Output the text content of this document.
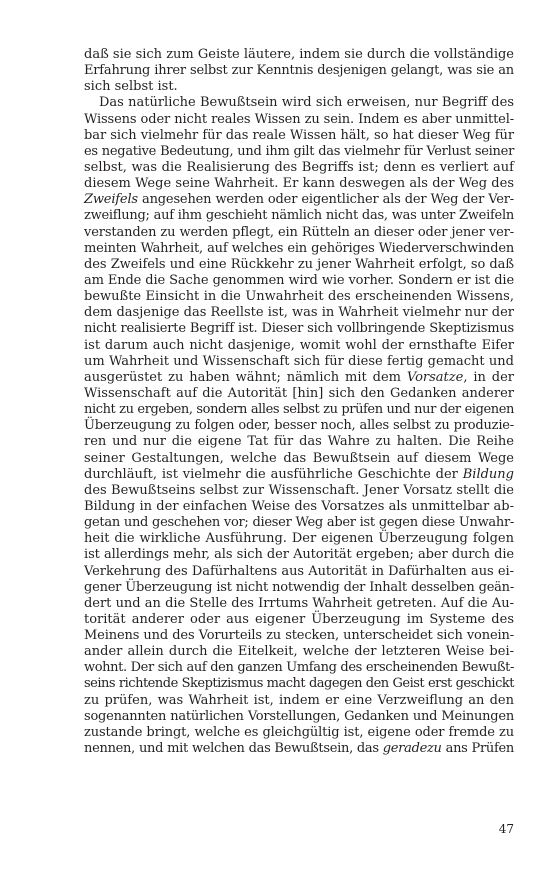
daß sie sich zum Geiste läutere, indem sie durch die vollständige
Erfahrung ihrer selbst zur Kenntnis desjenigen gelangt, was sie an
sich selbst ist.
Das natürliche Bewußtsein wird sich erweisen, nur Begriff des
Wissens oder nicht reales Wissen zu sein. Indem es aber unmittel-
bar sich vielmehr für das reale Wissen hält, so hat dieser Weg für
es negative Bedeutung, und ihm gilt das vielmehr für Verlust seiner
selbst, was die Realisierung des Begriffs ist; denn es verliert auf
diesem Wege seine Wahrheit. Er kann deswegen als der Weg des
Zweifels angesehen werden oder eigentlicher als der Weg der Ver-
zweiflung; auf ihm geschieht nämlich nicht das, was unter Zweifeln
verstanden zu werden pflegt, ein Rütteln an dieser oder jener ver-
meinten Wahrheit, auf welches ein gehöriges Wiederverschwinden
des Zweifels und eine Rückkehr zu jener Wahrheit erfolgt, so daß
am Ende die Sache genommen wird wie vorher. Sondern er ist die
bewußte Einsicht in die Unwahrheit des erscheinenden Wissens,
dem dasjenige das Reellste ist, was in Wahrheit vielmehr nur der
nicht realisierte Begriff ist. Dieser sich vollbringende Skeptizismus
ist darum auch nicht dasjenige, womit wohl der ernsthafte Eifer
um Wahrheit und Wissenschaft sich für diese fertig gemacht und
ausgerüstet zu haben wähnt; nämlich mit dem Vorsatze, in der
Wissenschaft auf die Autorität [hin] sich den Gedanken anderer
nicht zu ergeben, sondern alles selbst zu prüfen und nur der eigenen
Überzeugung zu folgen oder, besser noch, alles selbst zu produzie-
ren und nur die eigene Tat für das Wahre zu halten. Die Reihe
seiner Gestaltungen, welche das Bewußtsein auf diesem Wege
durchläuft, ist vielmehr die ausführliche Geschichte der Bildung
des Bewußtseins selbst zur Wissenschaft. Jener Vorsatz stellt die
Bildung in der einfachen Weise des Vorsatzes als unmittelbar ab-
getan und geschehen vor; dieser Weg aber ist gegen diese Unwahr-
heit die wirkliche Ausführung. Der eigenen Überzeugung folgen
ist allerdings mehr, als sich der Autorität ergeben; aber durch die
Verkehrung des Dafürhaltens aus Autorität in Dafürhalten aus ei-
gener Überzeugung ist nicht notwendig der Inhalt desselben geän-
dert und an die Stelle des Irrtums Wahrheit getreten. Auf die Au-
torität anderer oder aus eigener Überzeugung im Systeme des
Meinens und des Vorurteils zu stecken, unterscheidet sich vonein-
ander allein durch die Eitelkeit, welche der letzteren Weise bei-
wohnt. Der sich auf den ganzen Umfang des erscheinenden Bewußt-
seins richtende Skeptizismus macht dagegen den Geist erst geschickt
zu prüfen, was Wahrheit ist, indem er eine Verzweiflung an den
sogenannten natürlichen Vorstellungen, Gedanken und Meinungen
zustande bringt, welche es gleichgültig ist, eigene oder fremde zu
nennen, und mit welchen das Bewußtsein, das geradezu ans Prüfen
47
